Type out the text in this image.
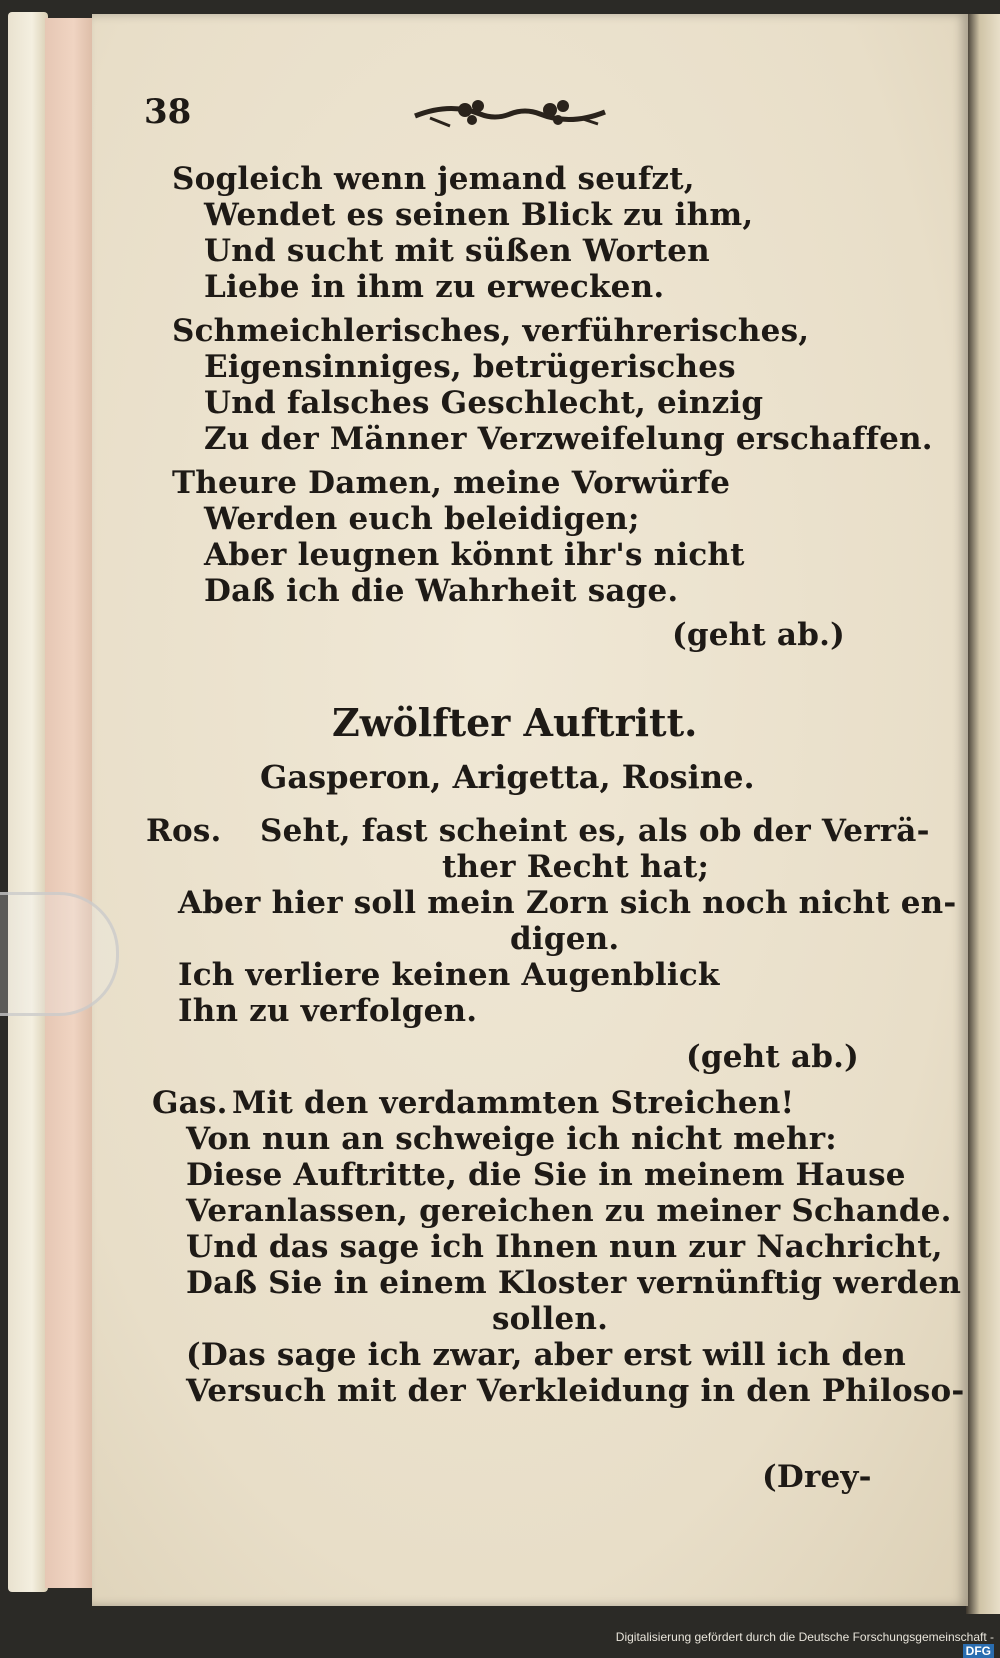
38
Sogleich wenn jemand seufzt,
Wendet es seinen Blick zu ihm,
Und sucht mit süßen Worten
Liebe in ihm zu erwecken.
Schmeichlerisches, verführerisches,
Eigensinniges, betrügerisches
Und falsches Geschlecht, einzig
Zu der Männer Verzweifelung erschaffen.
Theure Damen, meine Vorwürfe
Werden euch beleidigen;
Aber leugnen könnt ihr's nicht
Daß ich die Wahrheit sage.
(geht ab.)
Zwölfter Auftritt.
Gasperon, Arigetta, Rosine.
Ros. Seht, fast scheint es, als ob der Verrä-
ther Recht hat;
Aber hier soll mein Zorn sich noch nicht en-
digen.
Ich verliere keinen Augenblick
Ihn zu verfolgen.
(geht ab.)
Gas. Mit den verdammten Streichen!
Von nun an schweige ich nicht mehr:
Diese Auftritte, die Sie in meinem Hause
Veranlassen, gereichen zu meiner Schande.
Und das sage ich Ihnen nun zur Nachricht,
Daß Sie in einem Kloster vernünftig werden
sollen.
(Das sage ich zwar, aber erst will ich den
Versuch mit der Verkleidung in den Philoso-
(Drey-
Digitalisierung gefördert durch die Deutsche Forschungsgemeinschaft -DFG
